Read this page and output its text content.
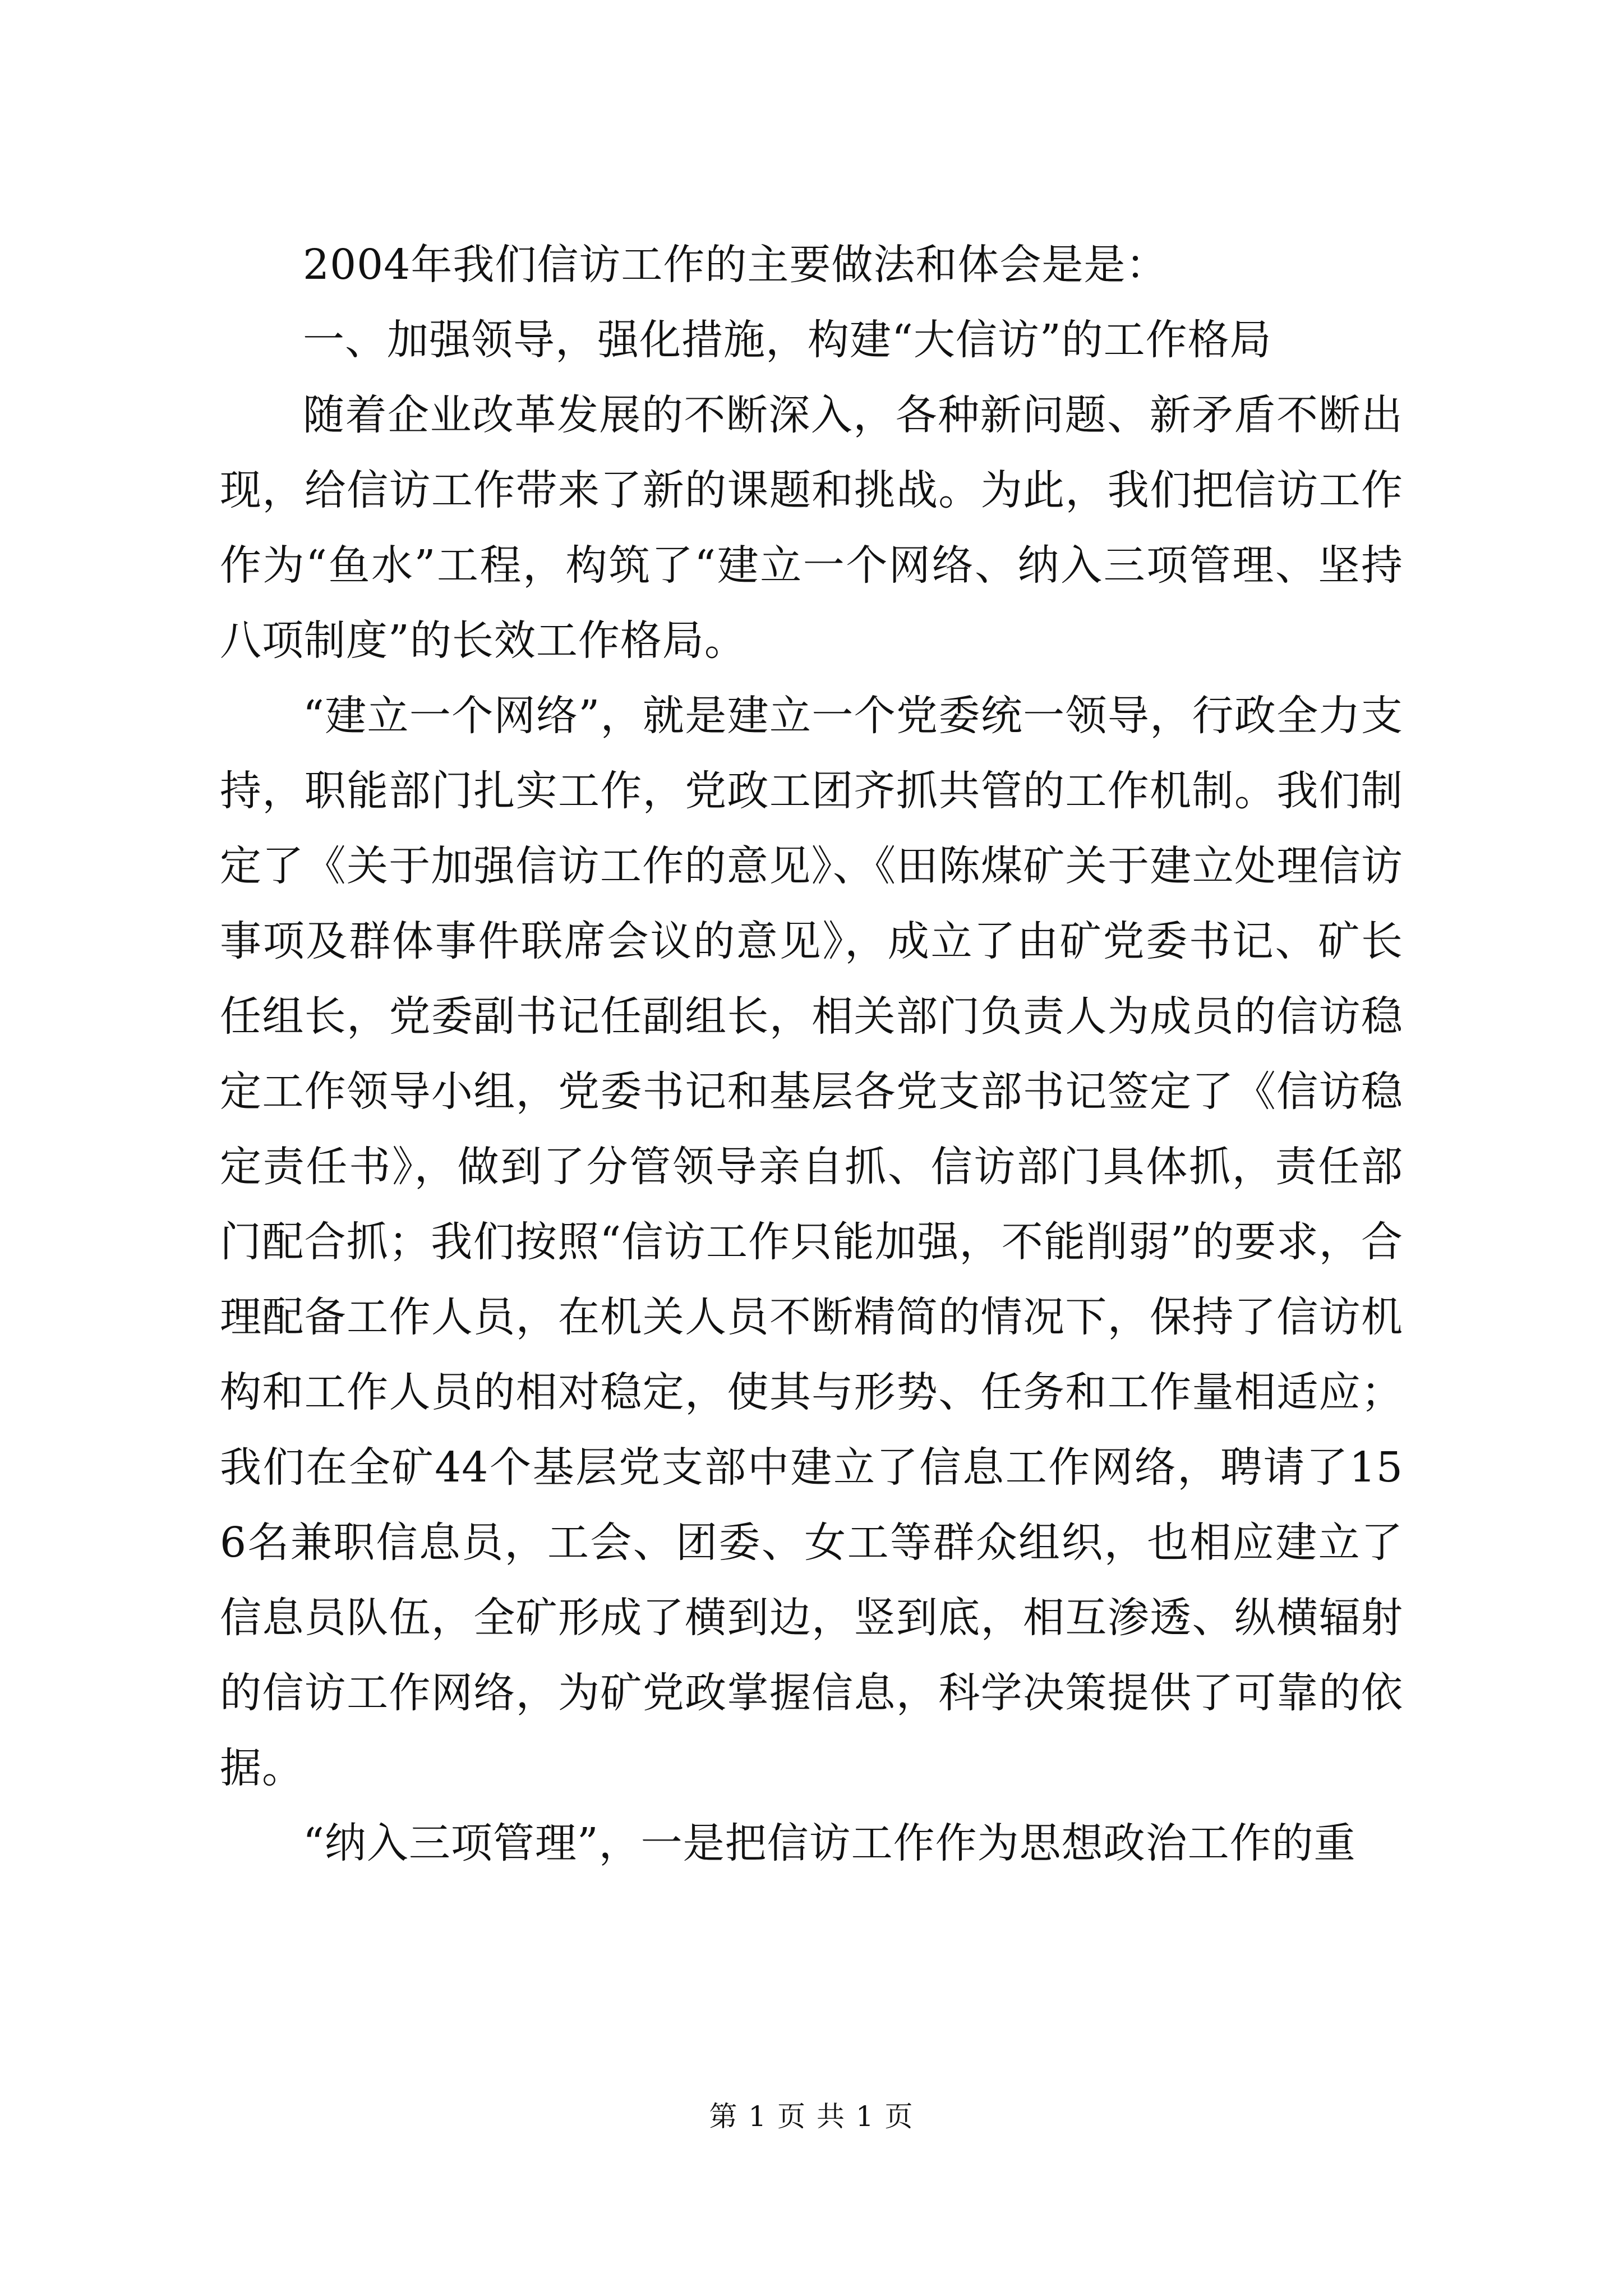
2004年我们信访工作的主要做法和体会是是：

一、加强领导，强化措施，构建“大信访”的工作格局

随着企业改革发展的不断深入，各种新问题、新矛盾不断出现，给信访工作带来了新的课题和挑战。为此，我们把信访工作作为“鱼水”工程，构筑了“建立一个网络、纳入三项管理、坚持八项制度”的长效工作格局。

“建立一个网络”，就是建立一个党委统一领导，行政全力支持，职能部门扎实工作，党政工团齐抓共管的工作机制。我们制定了《关于加强信访工作的意见》、《田陈煤矿关于建立处理信访事项及群体事件联席会议的意见》，成立了由矿党委书记、矿长任组长，党委副书记任副组长，相关部门负责人为成员的信访稳定工作领导小组，党委书记和基层各党支部书记签定了《信访稳定责任书》，做到了分管领导亲自抓、信访部门具体抓，责任部门配合抓；我们按照“信访工作只能加强，不能削弱”的要求，合理配备工作人员，在机关人员不断精简的情况下，保持了信访机构和工作人员的相对稳定，使其与形势、任务和工作量相适应；我们在全矿44个基层党支部中建立了信息工作网络，聘请了156名兼职信息员，工会、团委、女工等群众组织，也相应建立了信息员队伍，全矿形成了横到边，竖到底，相互渗透、纵横辐射的信访工作网络，为矿党政掌握信息，科学决策提供了可靠的依据。

“纳入三项管理”，一是把信访工作作为思想政治工作的重

第 1 页 共 1 页
